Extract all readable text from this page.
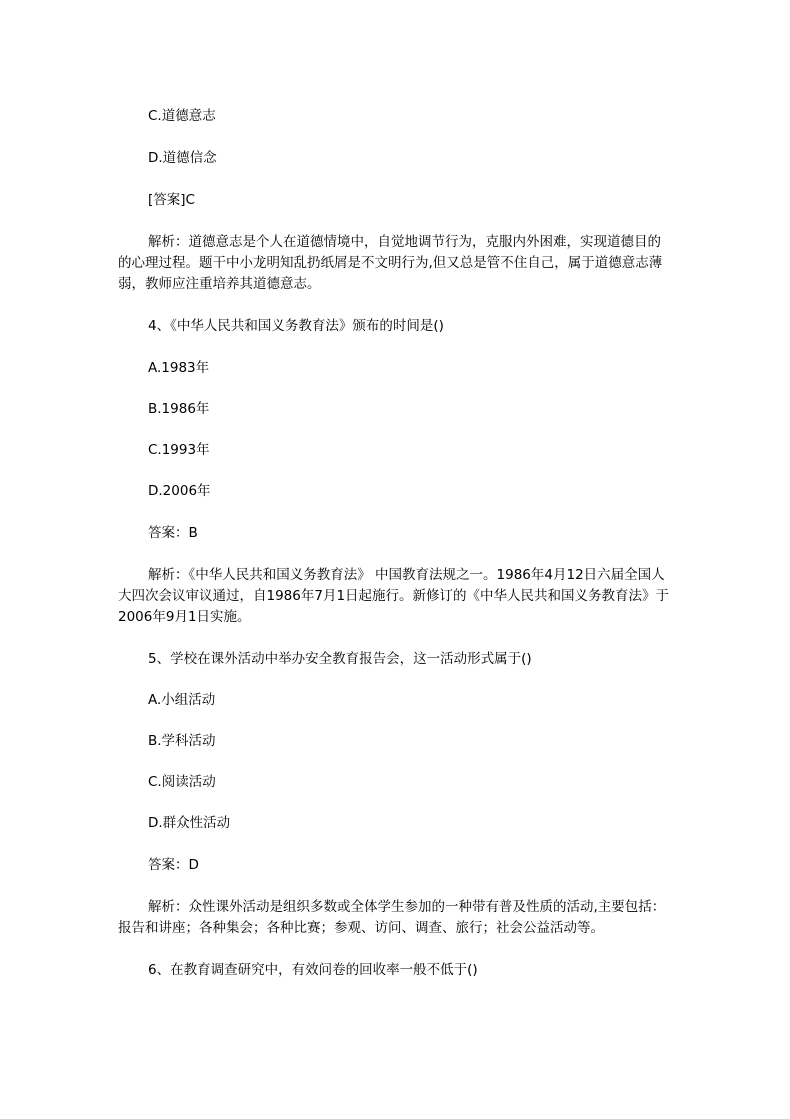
C.道德意志

D.道德信念

[答案]C

解析：道德意志是个人在道德情境中，自觉地调节行为，克服内外困难，实现道德目的的心理过程。题干中小龙明知乱扔纸屑是不文明行为,但又总是管不住自己，属于道德意志薄弱，教师应注重培养其道德意志。

4、《中华人民共和国义务教育法》颁布的时间是()

A.1983年

B.1986年

C.1993年

D.2006年

答案：B

解析：《中华人民共和国义务教育法》 中国教育法规之一。1986年4月12日六届全国人大四次会议审议通过，自1986年7月1日起施行。新修订的《中华人民共和国义务教育法》于2006年9月1日实施。

5、学校在课外活动中举办安全教育报告会，这一活动形式属于()

A.小组活动

B.学科活动

C.阅读活动

D.群众性活动

答案：D

解析：众性课外活动是组织多数或全体学生参加的一种带有普及性质的活动,主要包括：报告和讲座；各种集会；各种比赛；参观、访问、调查、旅行；社会公益活动等。

6、在教育调查研究中，有效问卷的回收率一般不低于()
